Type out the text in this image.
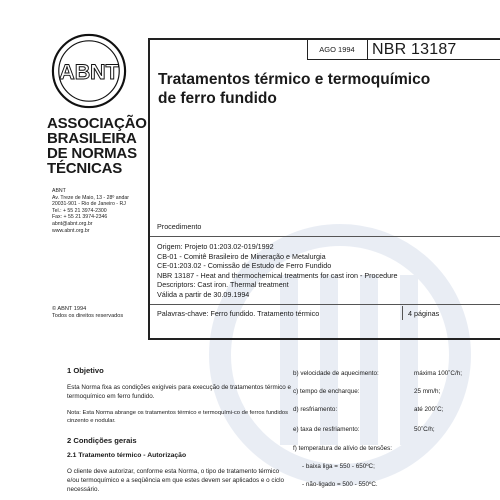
ABNT
ASSOCIAÇÃO
BRASILEIRA
DE NORMAS
TÉCNICAS
ABNT
Av. Treze de Maio, 13 - 28º andar
20031-901 - Rio de Janeiro - RJ
Tel.: + 55 21 3974-2300
Fax: + 55 21 3974-2346
abnt@abnt.org.br
www.abnt.org.br
© ABNT 1994
Todos os direitos reservados
AGO 1994	NBR 13187
Tratamentos térmico e termoquímico
de ferro fundido
Procedimento
Origem: Projeto 01:203.02-019/1992
CB-01 - Comitê Brasileiro de Mineração e Metalurgia
CE-01:203.02 - Comissão de Estudo de Ferro Fundido
NBR 13187 - Heat and thermochemical treatments for cast iron - Procedure
Descriptors: Cast iron. Thermal treatment
Válida a partir de 30.09.1994
Palavras-chave: Ferro fundido. Tratamento térmico	4 páginas
1 Objetivo
Esta Norma fixa as condições exigíveis para execução de tratamentos térmico e termoquímico em ferro fundido.
Nota: Esta Norma abrange os tratamentos térmico e termoquími-co de ferros fundidos cinzento e nodular.
2 Condições gerais
2.1 Tratamento térmico - Autorização
O cliente deve autorizar, conforme esta Norma, o tipo de tratamento térmico e/ou termoquímico e a seqüência em que estes devem ser aplicados e o ciclo necessário.
b) velocidade de aquecimento:	máxima 100˚C/h;
c) tempo de encharque:	25 mm/h;
d) resfriamento:	até 200˚C;
e) taxa de resfriamento:	50˚C/h;
f) temperatura de alívio de tensões:
- baixa liga = 550 - 650ºC;
- não-ligado = 500 - 550ºC.
